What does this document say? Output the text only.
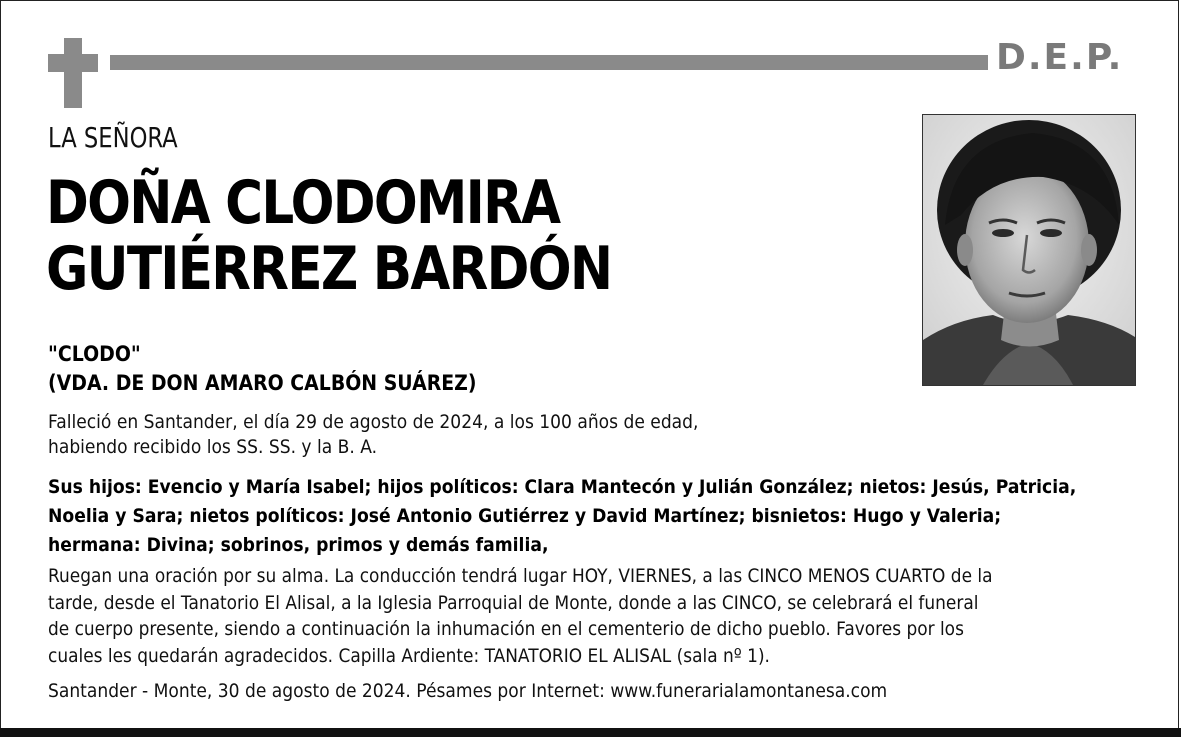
D.E.P.
LA SEÑORA
DOÑA CLODOMIRA
GUTIÉRREZ BARDÓN
"CLODO"
(VDA. DE DON AMARO CALBÓN SUÁREZ)
Falleció en Santander, el día 29 de agosto de 2024, a los 100 años de edad,
habiendo recibido los SS. SS. y la B. A.
Sus hijos: Evencio y María Isabel; hijos políticos: Clara Mantecón y Julián González; nietos: Jesús, Patricia,
Noelia y Sara; nietos políticos: José Antonio Gutiérrez y David Martínez; bisnietos: Hugo y Valeria;
hermana: Divina; sobrinos, primos y demás familia,
Ruegan una oración por su alma. La conducción tendrá lugar HOY, VIERNES, a las CINCO MENOS CUARTO de la
tarde, desde el Tanatorio El Alisal, a la Iglesia Parroquial de Monte, donde a las CINCO, se celebrará el funeral
de cuerpo presente, siendo a continuación la inhumación en el cementerio de dicho pueblo. Favores por los
cuales les quedarán agradecidos. Capilla Ardiente: TANATORIO EL ALISAL (sala nº 1).
Santander - Monte, 30 de agosto de 2024. Pésames por Internet: www.funerarialamontanesa.com
